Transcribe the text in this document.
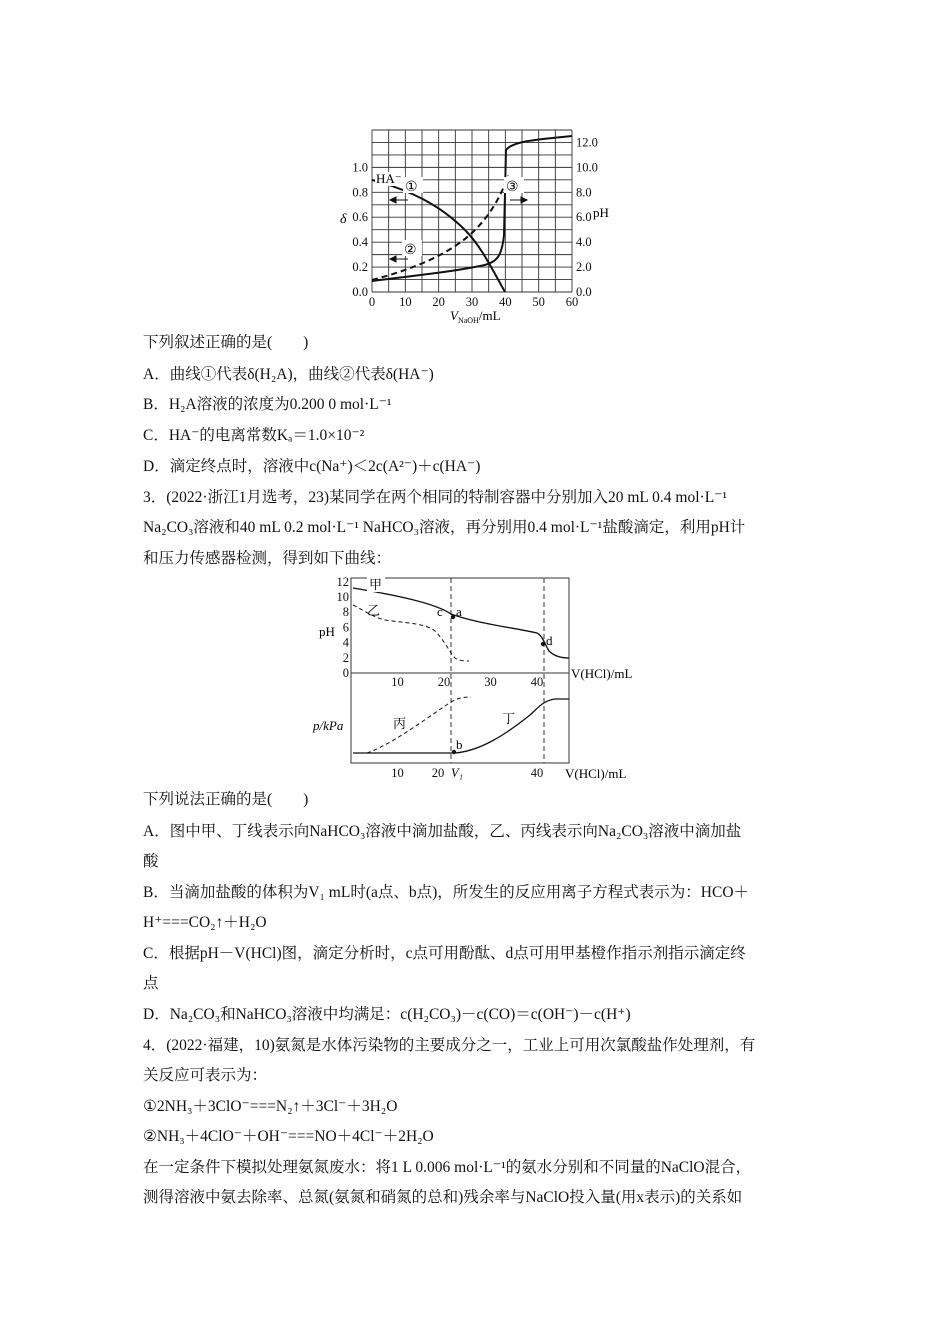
0.0
0.2
0.4
0.6
0.8
1.0
0.0
2.0
4.0
6.0
8.0
10.0
12.0
0 10 20 30 40 50 60
δ	pH
$V_{NaOH}/mL$
HA⁻
①
②
③
下列叙述正确的是(　　)
A．曲线①代表δ(H₂A)，曲线②代表δ(HA⁻)
B．H₂A溶液的浓度为0.200 0 mol·L⁻¹
C．HA⁻的电离常数Kₐ＝1.0×10⁻²
D．滴定终点时，溶液中c(Na⁺)＜2c(A²⁻)＋c(HA⁻)
3．(2022·浙江1月选考，23)某同学在两个相同的特制容器中分别加入20 mL 0.4 mol·L⁻¹
Na₂CO₃溶液和40 mL 0.2 mol·L⁻¹ NaHCO₃溶液，再分别用0.4 mol·L⁻¹盐酸滴定，利用pH计
和压力传感器检测，得到如下曲线：
0
2
4
6
8
10
12
10	20	30	40
10 20	40
pH
p/kPa
V(HCl)/mL
V(HCl)/mL
V₁
甲
乙
丙	丁
a
c
d
b
下列说法正确的是(　　)
A．图中甲、丁线表示向NaHCO₃溶液中滴加盐酸，乙、丙线表示向Na₂CO₃溶液中滴加盐
酸
B．当滴加盐酸的体积为V₁ mL时(a点、b点)，所发生的反应用离子方程式表示为：HCO＋
H⁺===CO₂↑＋H₂O
C．根据pH－V(HCl)图，滴定分析时，c点可用酚酞、d点可用甲基橙作指示剂指示滴定终
点
D．Na₂CO₃和NaHCO₃溶液中均满足：c(H₂CO₃)－c(CO)＝c(OH⁻)－c(H⁺)
4．(2022·福建，10)氨氮是水体污染物的主要成分之一，工业上可用次氯酸盐作处理剂，有
关反应可表示为：
①2NH₃＋3ClO⁻===N₂↑＋3Cl⁻＋3H₂O
②NH₃＋4ClO⁻＋OH⁻===NO＋4Cl⁻＋2H₂O
在一定条件下模拟处理氨氮废水：将1 L 0.006 mol·L⁻¹的氨水分别和不同量的NaClO混合，
测得溶液中氨去除率、总氮(氨氮和硝氮的总和)残余率与NaClO投入量(用x表示)的关系如
